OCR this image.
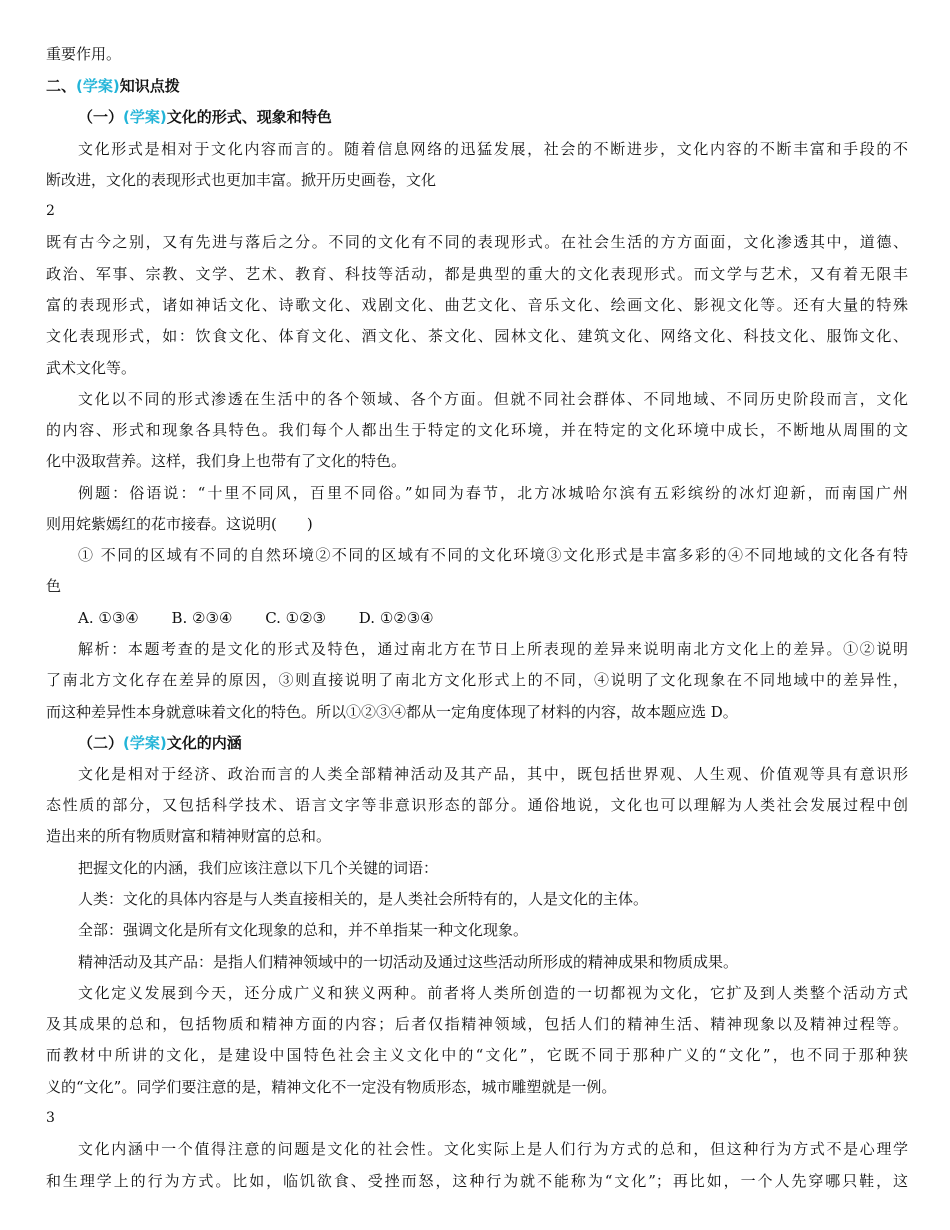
重要作用。
二、(学案)知识点拨
（一）(学案)文化的形式、现象和特色
文化形式是相对于文化内容而言的。随着信息网络的迅猛发展，社会的不断进步，文化内容的不断丰富和手段的不
断改进，文化的表现形式也更加丰富。掀开历史画卷，文化
2
既有古今之别，又有先进与落后之分。不同的文化有不同的表现形式。在社会生活的方方面面，文化渗透其中，道德、
政治、军事、宗教、文学、艺术、教育、科技等活动，都是典型的重大的文化表现形式。而文学与艺术，又有着无限丰
富的表现形式，诸如神话文化、诗歌文化、戏剧文化、曲艺文化、音乐文化、绘画文化、影视文化等。还有大量的特殊
文化表现形式，如：饮食文化、体育文化、酒文化、茶文化、园林文化、建筑文化、网络文化、科技文化、服饰文化、
武术文化等。
文化以不同的形式渗透在生活中的各个领域、各个方面。但就不同社会群体、不同地域、不同历史阶段而言，文化
的内容、形式和现象各具特色。我们每个人都出生于特定的文化环境，并在特定的文化环境中成长，不断地从周围的文
化中汲取营养。这样，我们身上也带有了文化的特色。
例题：俗语说：“十里不同风，百里不同俗。”如同为春节，北方冰城哈尔滨有五彩缤纷的冰灯迎新，而南国广州
则用姹紫嫣红的花市接春。这说明(　　)
① 不同的区域有不同的自然环境②不同的区域有不同的文化环境③文化形式是丰富多彩的④不同地域的文化各有特
色
A. ①③④ B. ②③④ C. ①②③ D. ①②③④
解析：本题考查的是文化的形式及特色，通过南北方在节日上所表现的差异来说明南北方文化上的差异。①②说明
了南北方文化存在差异的原因，③则直接说明了南北方文化形式上的不同，④说明了文化现象在不同地域中的差异性，
而这种差异性本身就意味着文化的特色。所以①②③④都从一定角度体现了材料的内容，故本题应选 D。
（二）(学案)文化的内涵
文化是相对于经济、政治而言的人类全部精神活动及其产品，其中，既包括世界观、人生观、价值观等具有意识形
态性质的部分，又包括科学技术、语言文字等非意识形态的部分。通俗地说，文化也可以理解为人类社会发展过程中创
造出来的所有物质财富和精神财富的总和。
把握文化的内涵，我们应该注意以下几个关键的词语：
人类：文化的具体内容是与人类直接相关的，是人类社会所特有的，人是文化的主体。
全部：强调文化是所有文化现象的总和，并不单指某一种文化现象。
精神活动及其产品：是指人们精神领域中的一切活动及通过这些活动所形成的精神成果和物质成果。
文化定义发展到今天，还分成广义和狭义两种。前者将人类所创造的一切都视为文化，它扩及到人类整个活动方式
及其成果的总和，包括物质和精神方面的内容；后者仅指精神领域，包括人们的精神生活、精神现象以及精神过程等。
而教材中所讲的文化，是建设中国特色社会主义文化中的“文化”，它既不同于那种广义的“文化”，也不同于那种狭
义的“文化”。同学们要注意的是，精神文化不一定没有物质形态，城市雕塑就是一例。
3
文化内涵中一个值得注意的问题是文化的社会性。文化实际上是人们行为方式的总和，但这种行为方式不是心理学
和生理学上的行为方式。比如，临饥欲食、受挫而怒，这种行为就不能称为“文化”；再比如，一个人先穿哪只鞋，这
